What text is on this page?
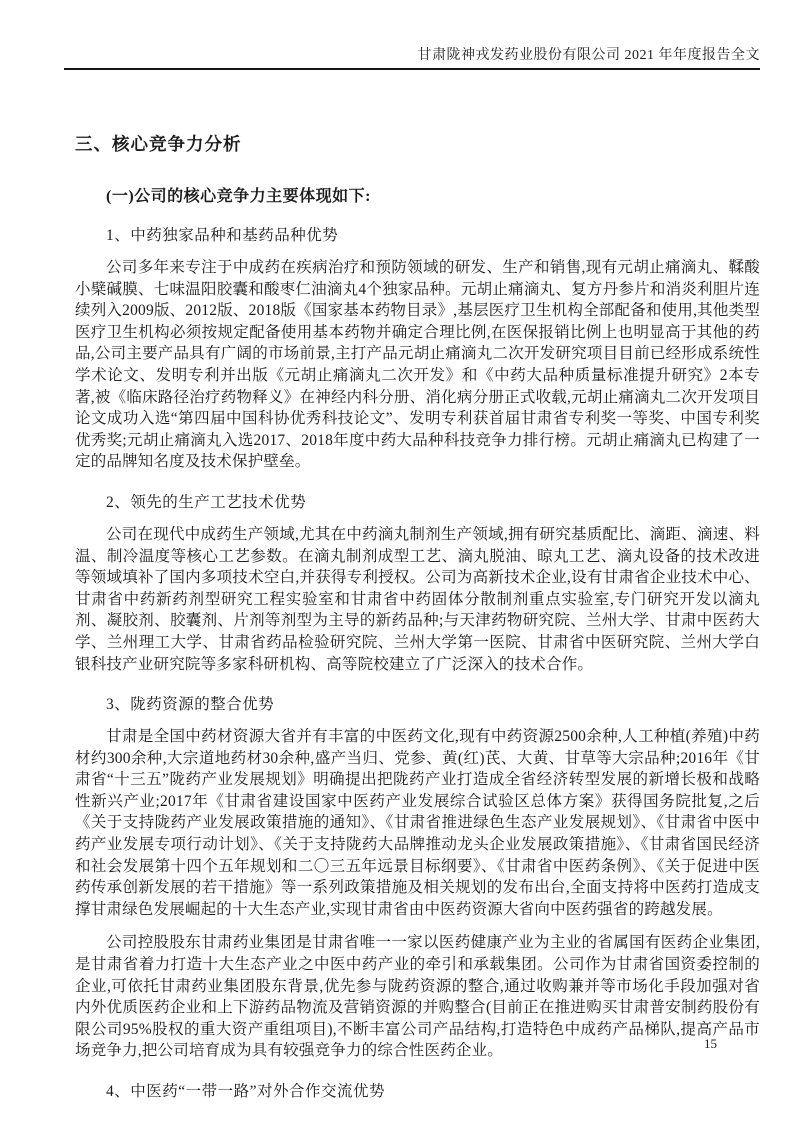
甘肃陇神戎发药业股份有限公司 2021 年年度报告全文
三、核心竞争力分析
(一)公司的核心竞争力主要体现如下:
1、中药独家品种和基药品种优势

公司多年来专注于中成药在疾病治疗和预防领域的研发、生产和销售,现有元胡止痛滴丸、鞣酸小檗碱膜、七味温阳胶囊和酸枣仁油滴丸4个独家品种。元胡止痛滴丸、复方丹参片和消炎利胆片连续列入2009版、2012版、2018版《国家基本药物目录》,基层医疗卫生机构全部配备和使用,其他类型医疗卫生机构必须按规定配备使用基本药物并确定合理比例,在医保报销比例上也明显高于其他的药品,公司主要产品具有广阔的市场前景,主打产品元胡止痛滴丸二次开发研究项目目前已经形成系统性学术论文、发明专利并出版《元胡止痛滴丸二次开发》和《中药大品种质量标准提升研究》2本专著,被《临床路径治疗药物释义》在神经内科分册、消化病分册正式收载,元胡止痛滴丸二次开发项目论文成功入选“第四届中国科协优秀科技论文”、发明专利获首届甘肃省专利奖一等奖、中国专利奖优秀奖;元胡止痛滴丸入选2017、2018年度中药大品种科技竞争力排行榜。元胡止痛滴丸已构建了一定的品牌知名度及技术保护壁垒。

2、领先的生产工艺技术优势

公司在现代中成药生产领域,尤其在中药滴丸制剂生产领域,拥有研究基质配比、滴距、滴速、料温、制冷温度等核心工艺参数。在滴丸制剂成型工艺、滴丸脱油、晾丸工艺、滴丸设备的技术改进等领域填补了国内多项技术空白,并获得专利授权。公司为高新技术企业,设有甘肃省企业技术中心、甘肃省中药新药剂型研究工程实验室和甘肃省中药固体分散制剂重点实验室,专门研究开发以滴丸剂、凝胶剂、胶囊剂、片剂等剂型为主导的新药品种;与天津药物研究院、兰州大学、甘肃中医药大学、兰州理工大学、甘肃省药品检验研究院、兰州大学第一医院、甘肃省中医研究院、兰州大学白银科技产业研究院等多家科研机构、高等院校建立了广泛深入的技术合作。

3、陇药资源的整合优势

甘肃是全国中药材资源大省并有丰富的中医药文化,现有中药资源2500余种,人工种植(养殖)中药材约300余种,大宗道地药材30余种,盛产当归、党参、黄(红)芪、大黄、甘草等大宗品种;2016年《甘肃省“十三五”陇药产业发展规划》明确提出把陇药产业打造成全省经济转型发展的新增长极和战略性新兴产业;2017年《甘肃省建设国家中医药产业发展综合试验区总体方案》获得国务院批复,之后《关于支持陇药产业发展政策措施的通知》、《甘肃省推进绿色生态产业发展规划》、《甘肃省中医中药产业发展专项行动计划》、《关于支持陇药大品牌推动龙头企业发展政策措施》、《甘肃省国民经济和社会发展第十四个五年规划和二〇三五年远景目标纲要》、《甘肃省中医药条例》、《关于促进中医药传承创新发展的若干措施》等一系列政策措施及相关规划的发布出台,全面支持将中医药打造成支撑甘肃绿色发展崛起的十大生态产业,实现甘肃省由中医药资源大省向中医药强省的跨越发展。

公司控股股东甘肃药业集团是甘肃省唯一一家以医药健康产业为主业的省属国有医药企业集团,是甘肃省着力打造十大生态产业之中医中药产业的牵引和承载集团。公司作为甘肃省国资委控制的企业,可依托甘肃药业集团股东背景,优先参与陇药资源的整合,通过收购兼并等市场化手段加强对省内外优质医药企业和上下游药品物流及营销资源的并购整合(目前正在推进购买甘肃普安制药股份有限公司95%股权的重大资产重组项目),不断丰富公司产品结构,打造特色中成药产品梯队,提高产品市场竞争力,把公司培育成为具有较强竞争力的综合性医药企业。

4、中医药“一带一路”对外合作交流优势
15
